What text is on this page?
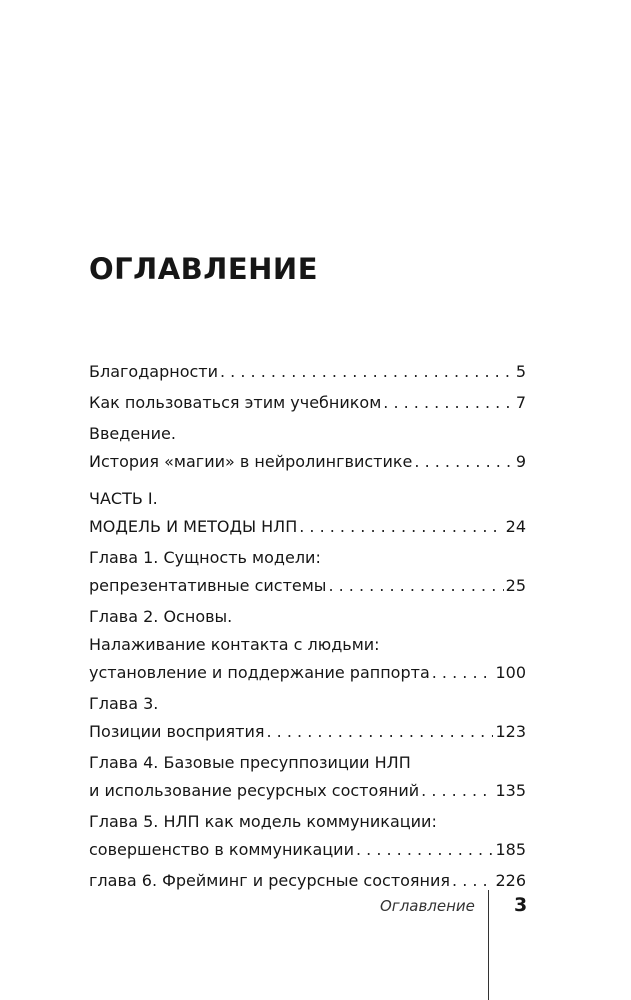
ОГЛАВЛЕНИЕ
Благодарности . . .	5
Как пользоваться этим учебником . . .	7
Введение.
История «магии» в нейролингвистике . . .	9
ЧАСТЬ I.
МОДЕЛЬ И МЕТОДЫ НЛП . . .	24
Глава 1. Сущность модели:
репрезентативные системы . . .	25
Глава 2. Основы.
Налаживание контакта с людьми:
установление и поддержание раппорта . . .	100
Глава 3.
Позиции восприятия . . .	123
Глава 4. Базовые пресуппозиции НЛП
и использование ресурсных состояний . . .	135
Глава 5. НЛП как модель коммуникации:
совершенство в коммуникации . . .	185
глава 6. Фрейминг и ресурсные состояния . . .	226
Оглавление 3
